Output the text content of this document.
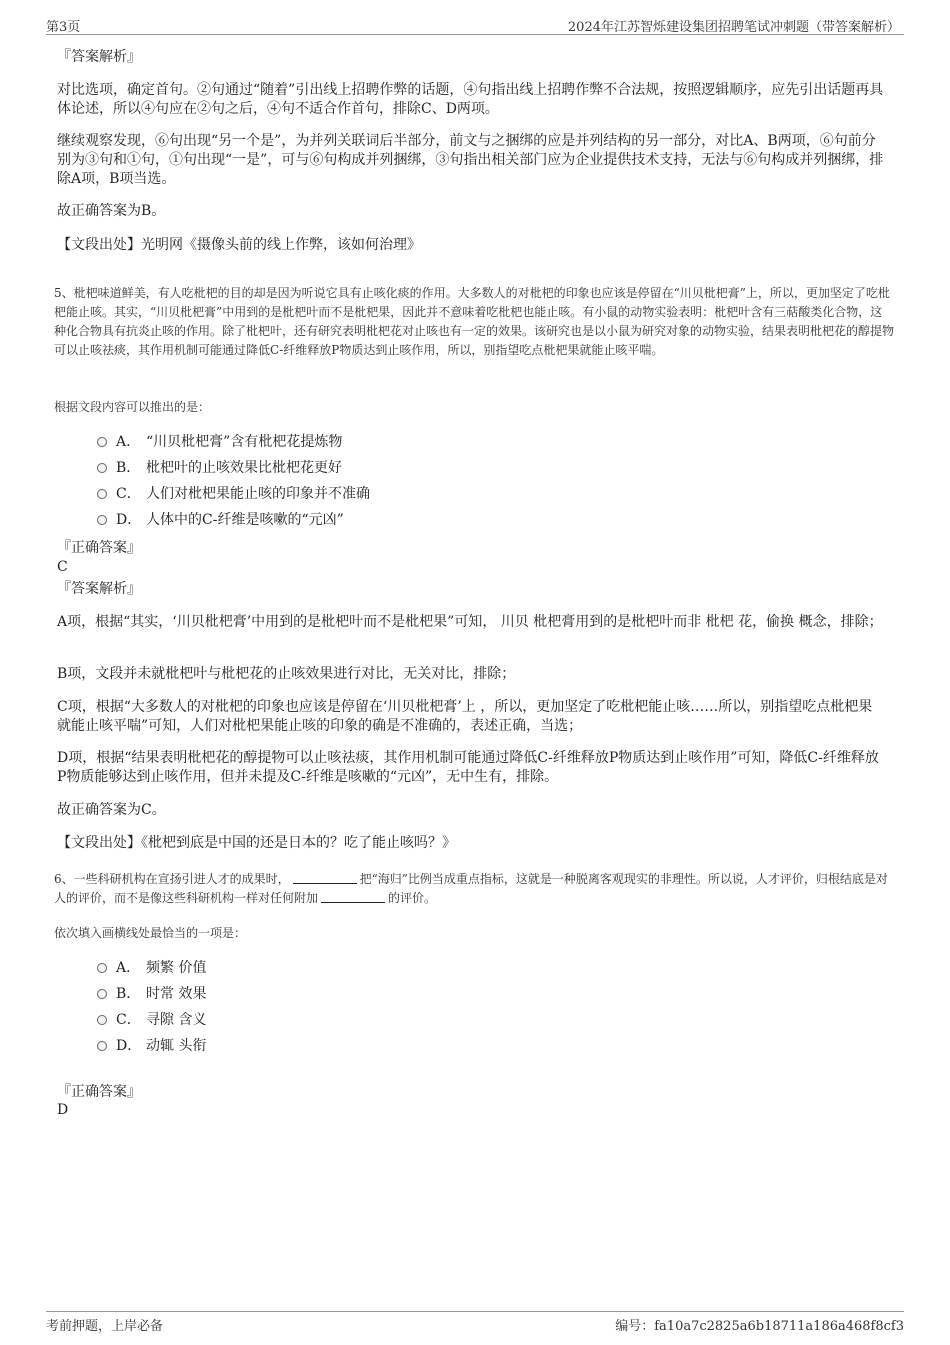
第3页	2024年江苏智烁建设集团招聘笔试冲刺题（带答案解析）
『答案解析』
对比选项，确定首句。②句通过“随着”引出线上招聘作弊的话题，④句指出线上招聘作弊不合法规，按照逻辑顺序，应先引出话题再具体论述，所以④句应在②句之后，④句不适合作首句，排除C、D两项。
继续观察发现，⑥句出现“另一个是”，为并列关联词后半部分，前文与之捆绑的应是并列结构的另一部分，对比A、B两项，⑥句前分别为③句和①句，①句出现“一是”，可与⑥句构成并列捆绑，③句指出相关部门应为企业提供技术支持，无法与⑥句构成并列捆绑，排除A项，B项当选。
故正确答案为B。
【文段出处】光明网《摄像头前的线上作弊，该如何治理》
5、枇杷味道鲜美，有人吃枇杷的目的却是因为听说它具有止咳化痰的作用。大多数人的对枇杷的印象也应该是停留在“川贝枇杷膏”上，所以，更加坚定了吃枇杷能止咳。其实，“川贝枇杷膏”中用到的是枇杷叶而不是枇杷果，因此并不意味着吃枇杷也能止咳。有小鼠的动物实验表明：枇杷叶含有三萜酸类化合物，这种化合物具有抗炎止咳的作用。除了枇杷叶，还有研究表明枇杷花对止咳也有一定的效果。该研究也是以小鼠为研究对象的动物实验，结果表明枇杷花的醇提物可以止咳祛痰，其作用机制可能通过降低C-纤维释放P物质达到止咳作用，所以，别指望吃点枇杷果就能止咳平喘。
根据文段内容可以推出的是：
A． “川贝枇杷膏”含有枇杷花提炼物
B． 枇杷叶的止咳效果比枇杷花更好
C． 人们对枇杷果能止咳的印象并不准确
D． 人体中的C-纤维是咳嗽的“元凶”
『正确答案』
C
『答案解析』
A项，根据“其实，‘川贝枇杷膏’中用到的是枇杷叶而不是枇杷果”可知， 川贝 枇杷膏用到的是枇杷叶而非 枇杷 花，偷换 概念，排除；
B项，文段并未就枇杷叶与枇杷花的止咳效果进行对比，无关对比，排除；
C项，根据“大多数人的对枇杷的印象也应该是停留在‘川贝枇杷膏’上 ，所以，更加坚定了吃枇杷能止咳……所以，别指望吃点枇杷果就能止咳平喘”可知，人们对枇杷果能止咳的印象的确是不准确的，表述正确，当选；
D项，根据“结果表明枇杷花的醇提物可以止咳祛痰，其作用机制可能通过降低C-纤维释放P物质达到止咳作用”可知，降低C-纤维释放P物质能够达到止咳作用，但并未提及C-纤维是咳嗽的“元凶”，无中生有，排除。
故正确答案为C。
【文段出处】《枇杷到底是中国的还是日本的？吃了能止咳吗？》
6、一些科研机构在宣扬引进人才的成果时，	把“海归”比例当成重点指标，这就是一种脱离客观现实的非理性。所以说，人才评价，归根结底是对人的评价，而不是像这些科研机构一样对任何附加	的评价。
依次填入画横线处最恰当的一项是：
A． 频繁 价值
B． 时常 效果
C． 寻隙 含义
D． 动辄 头衔
『正确答案』
D
考前押题，上岸必备	编号：fa10a7c2825a6b18711a186a468f8cf3
